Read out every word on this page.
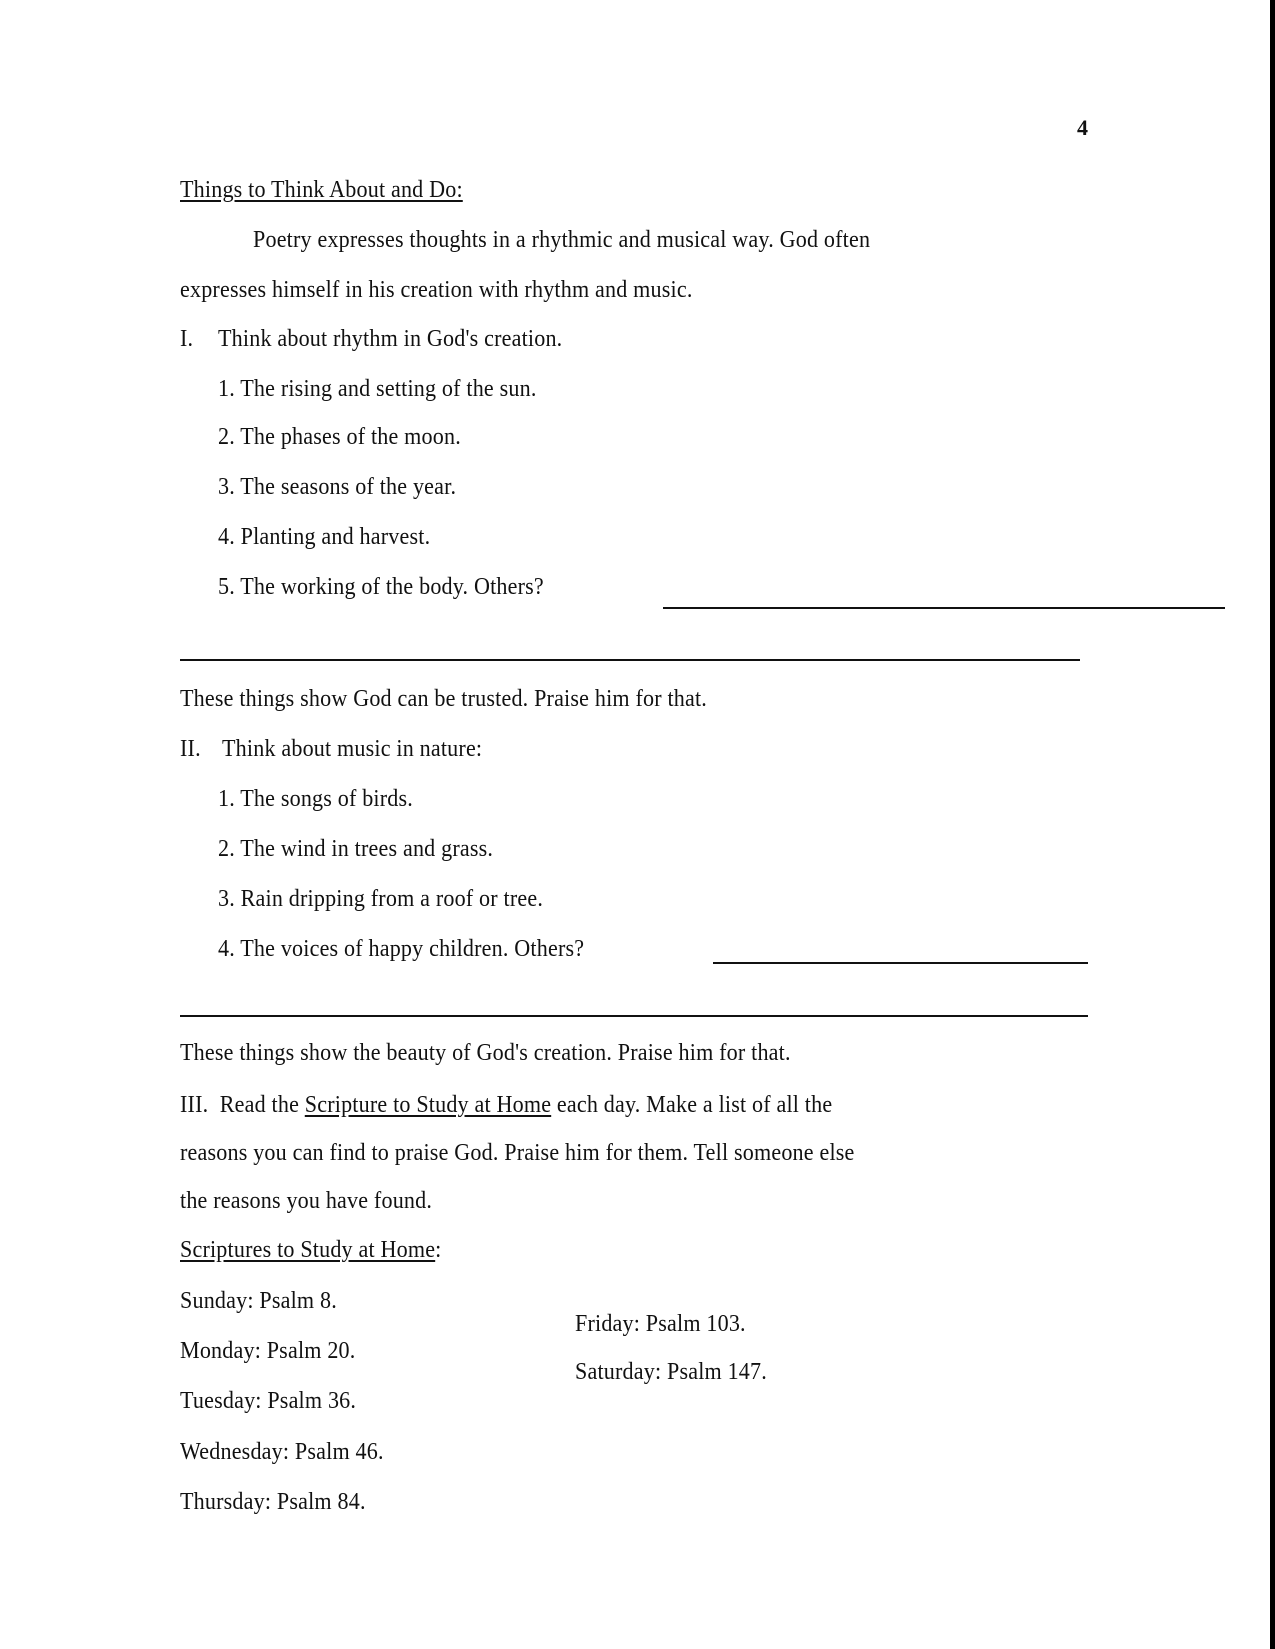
4
Things to Think About and Do:
Poetry expresses thoughts in a rhythmic and musical way. God often
expresses himself in his creation with rhythm and music.
I. Think about rhythm in God's creation.
1. The rising and setting of the sun.
2. The phases of the moon.
3. The seasons of the year.
4. Planting and harvest.
5. The working of the body. Others?
These things show God can be trusted. Praise him for that.
II. Think about music in nature:
1. The songs of birds.
2. The wind in trees and grass.
3. Rain dripping from a roof or tree.
4. The voices of happy children. Others?
These things show the beauty of God's creation. Praise him for that.
III. Read the Scripture to Study at Home each day. Make a list of all the
reasons you can find to praise God. Praise him for them. Tell someone else
the reasons you have found.
Scriptures to Study at Home:
Sunday: Psalm 8.
Monday: Psalm 20.
Tuesday: Psalm 36.
Wednesday: Psalm 46.
Thursday: Psalm 84.
Friday: Psalm 103.
Saturday: Psalm 147.
